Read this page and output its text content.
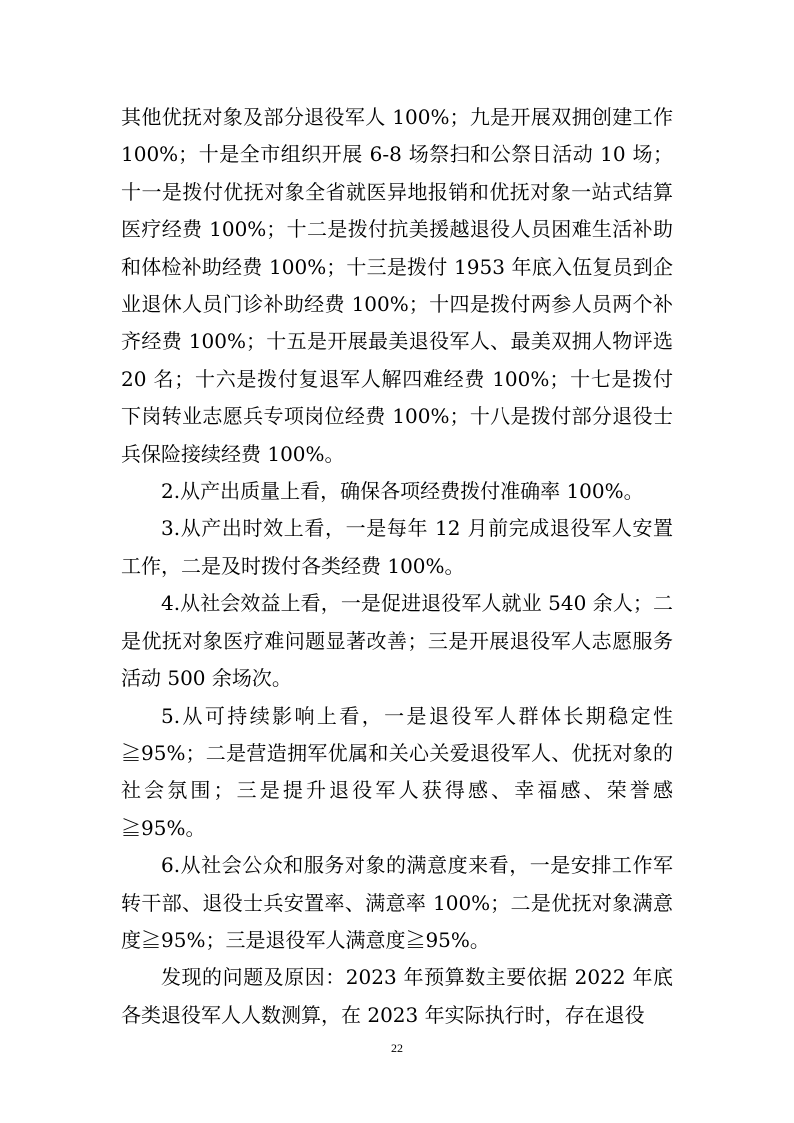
其他优抚对象及部分退役军人 100%；九是开展双拥创建工作 100%；十是全市组织开展 6-8 场祭扫和公祭日活动 10 场；十一是拨付优抚对象全省就医异地报销和优抚对象一站式结算医疗经费 100%；十二是拨付抗美援越退役人员困难生活补助和体检补助经费 100%；十三是拨付 1953 年底入伍复员到企业退休人员门诊补助经费 100%；十四是拨付两参人员两个补齐经费 100%；十五是开展最美退役军人、最美双拥人物评选 20 名；十六是拨付复退军人解四难经费 100%；十七是拨付下岗转业志愿兵专项岗位经费 100%；十八是拨付部分退役士兵保险接续经费 100%。

2.从产出质量上看，确保各项经费拨付准确率 100%。

3.从产出时效上看，一是每年 12 月前完成退役军人安置工作，二是及时拨付各类经费 100%。

4.从社会效益上看，一是促进退役军人就业 540 余人；二是优抚对象医疗难问题显著改善；三是开展退役军人志愿服务活动 500 余场次。

5.从可持续影响上看，一是退役军人群体长期稳定性≧95%；二是营造拥军优属和关心关爱退役军人、优抚对象的社会氛围；三是提升退役军人获得感、幸福感、荣誉感≧95%。

6.从社会公众和服务对象的满意度来看，一是安排工作军转干部、退役士兵安置率、满意率 100%；二是优抚对象满意度≧95%；三是退役军人满意度≧95%。

发现的问题及原因：2023 年预算数主要依据 2022 年底各类退役军人人数测算，在 2023 年实际执行时，存在退役

22
